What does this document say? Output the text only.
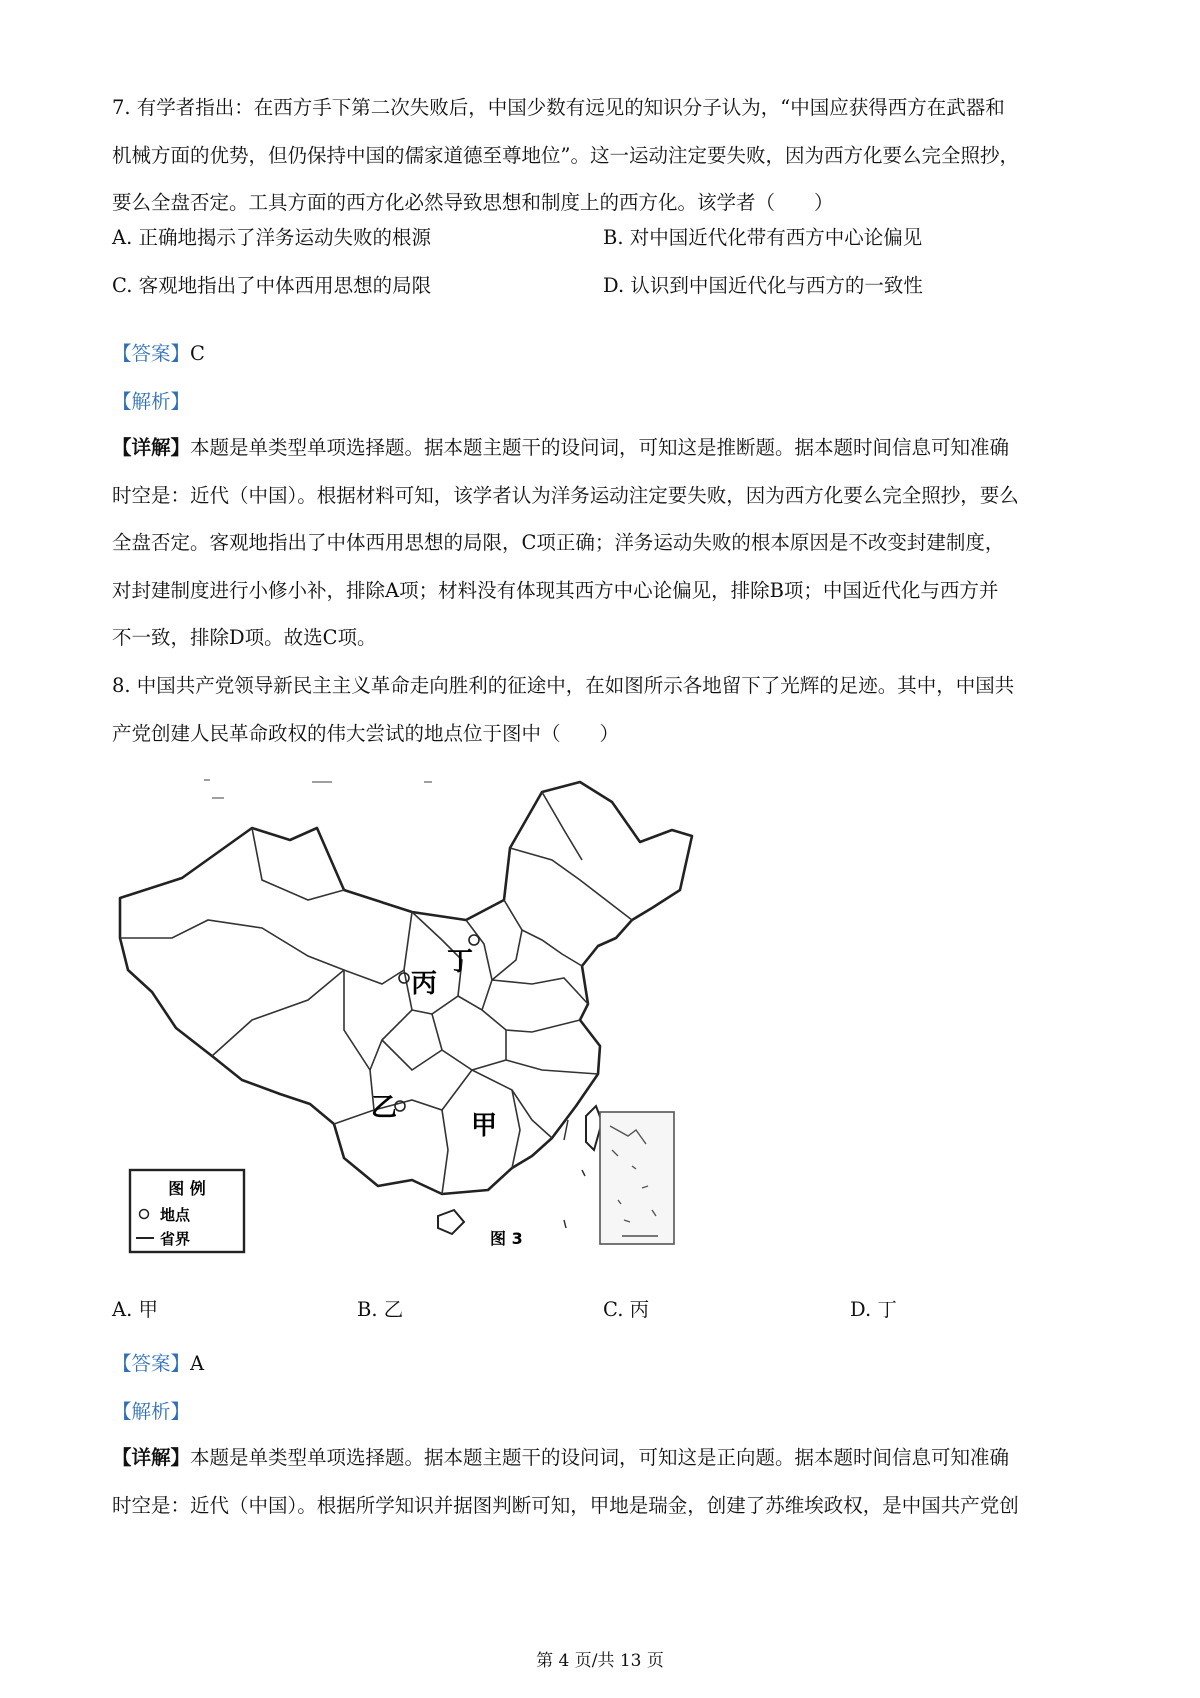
7. 有学者指出：在西方手下第二次失败后，中国少数有远见的知识分子认为，“中国应获得西方在武器和
机械方面的优势，但仍保持中国的儒家道德至尊地位”。这一运动注定要失败，因为西方化要么完全照抄，
要么全盘否定。工具方面的西方化必然导致思想和制度上的西方化。该学者（　　）

A. 正确地揭示了洋务运动失败的根源	B. 对中国近代化带有西方中心论偏见
C. 客观地指出了中体西用思想的局限	D. 认识到中国近代化与西方的一致性
【答案】C
【解析】

【详解】本题是单类型单项选择题。据本题主题干的设问词，可知这是推断题。据本题时间信息可知准确
时空是：近代（中国）。根据材料可知，该学者认为洋务运动注定要失败，因为西方化要么完全照抄，要么
全盘否定。客观地指出了中体西用思想的局限，C项正确；洋务运动失败的根本原因是不改变封建制度，
对封建制度进行小修小补，排除A项；材料没有体现其西方中心论偏见，排除B项；中国近代化与西方并
不一致，排除D项。故选C项。

8. 中国共产党领导新民主主义革命走向胜利的征途中，在如图所示各地留下了光辉的足迹。其中，中国共
产党创建人民革命政权的伟大尝试的地点位于图中（　　）

甲
乙
丙
丁
图 例
地点
省界	图 3
A. 甲	B. 乙	C. 丙	D. 丁
【答案】A
【解析】

【详解】本题是单类型单项选择题。据本题主题干的设问词，可知这是正向题。据本题时间信息可知准确
时空是：近代（中国）。根据所学知识并据图判断可知，甲地是瑞金，创建了苏维埃政权，是中国共产党创

第 4 页/共 13 页
